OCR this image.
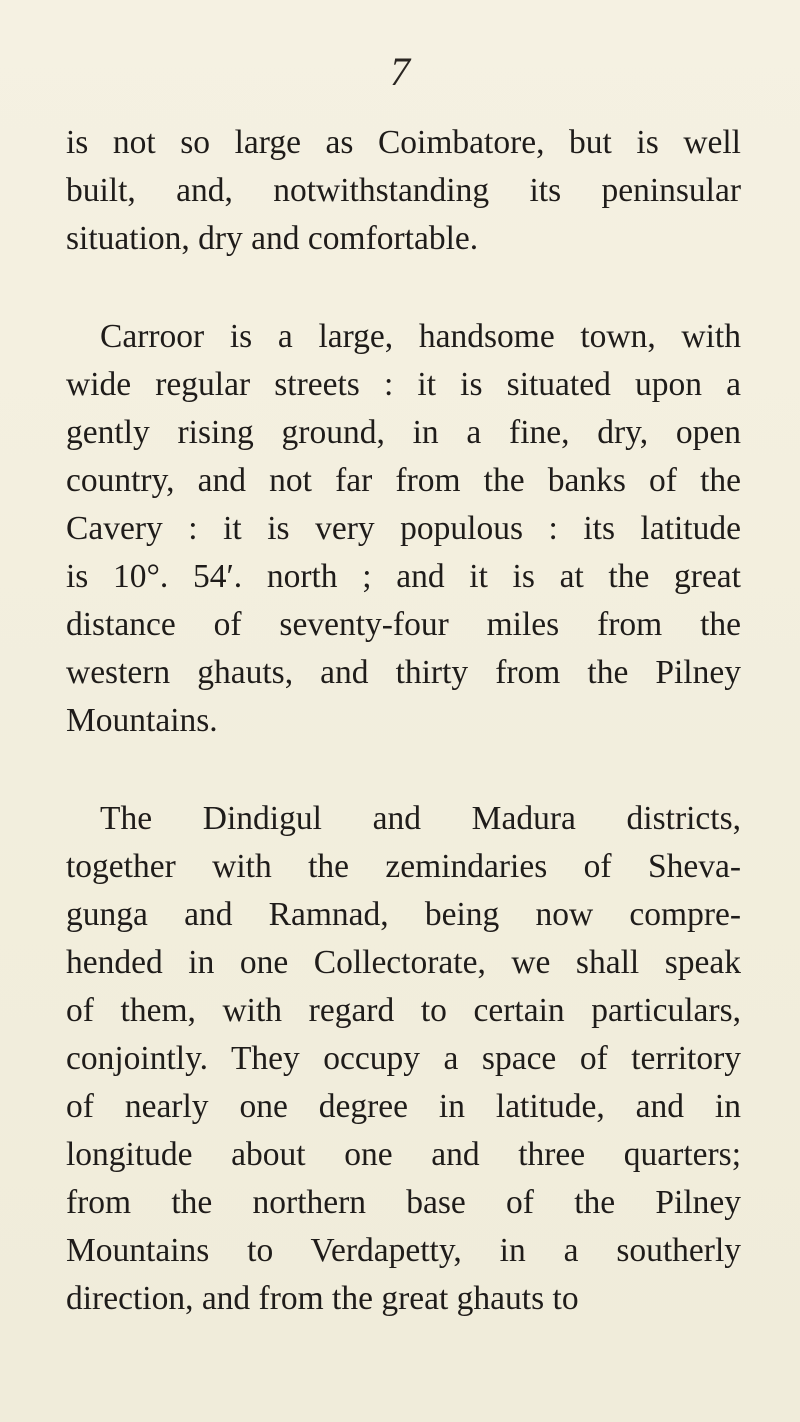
7
is not so large as Coimbatore, but is well
built, and, notwithstanding its peninsular
situation, dry and comfortable.
Carroor is a large, handsome town, with
wide regular streets : it is situated upon a
gently rising ground, in a fine, dry, open
country, and not far from the banks of the
Cavery : it is very populous : its latitude
is 10°. 54′. north ; and it is at the great
distance of seventy-four miles from the
western ghauts, and thirty from the Pilney
Mountains.
The Dindigul and Madura districts,
together with the zemindaries of Sheva-
gunga and Ramnad, being now compre-
hended in one Collectorate, we shall speak
of them, with regard to certain particulars,
conjointly. They occupy a space of territory
of nearly one degree in latitude, and in
longitude about one and three quarters;
from the northern base of the Pilney
Mountains to Verdapetty, in a southerly
direction, and from the great ghauts to
